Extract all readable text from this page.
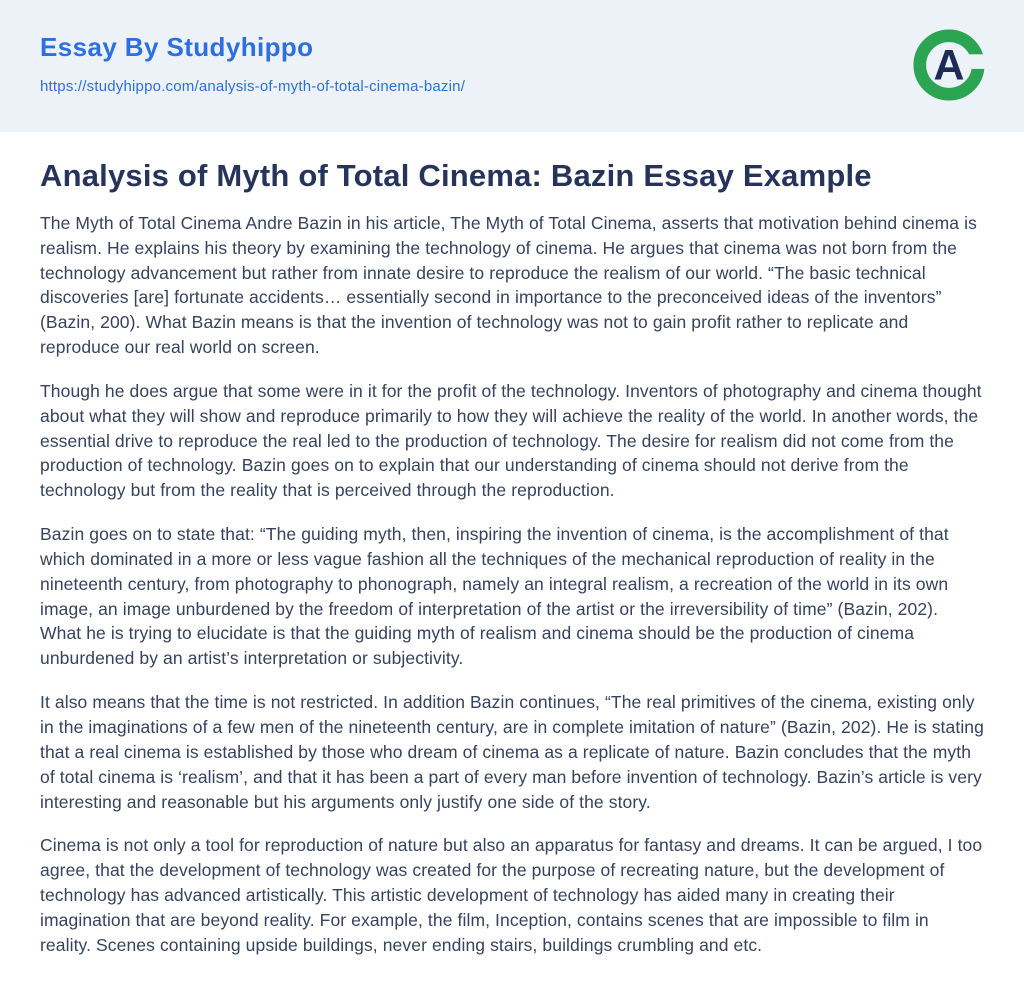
Essay By Studyhippo
https://studyhippo.com/analysis-of-myth-of-total-cinema-bazin/	A
Analysis of Myth of Total Cinema: Bazin Essay Example

The Myth of Total Cinema Andre Bazin in his article, The Myth of Total Cinema, asserts that motivation behind cinema is realism. He explains his theory by examining the technology of cinema. He argues that cinema was not born from the technology advancement but rather from innate desire to reproduce the realism of our world. “The basic technical discoveries [are] fortunate accidents… essentially second in importance to the preconceived ideas of the inventors” (Bazin, 200). What Bazin means is that the invention of technology was not to gain profit rather to replicate and reproduce our real world on screen.

Though he does argue that some were in it for the profit of the technology. Inventors of photography and cinema thought about what they will show and reproduce primarily to how they will achieve the reality of the world. In another words, the essential drive to reproduce the real led to the production of technology. The desire for realism did not come from the production of technology. Bazin goes on to explain that our understanding of cinema should not derive from the technology but from the reality that is perceived through the reproduction.

Bazin goes on to state that: “The guiding myth, then, inspiring the invention of cinema, is the accomplishment of that which dominated in a more or less vague fashion all the techniques of the mechanical reproduction of reality in the nineteenth century, from photography to phonograph, namely an integral realism, a recreation of the world in its own image, an image unburdened by the freedom of interpretation of the artist or the irreversibility of time” (Bazin, 202). What he is trying to elucidate is that the guiding myth of realism and cinema should be the production of cinema unburdened by an artist’s interpretation or subjectivity.

It also means that the time is not restricted. In addition Bazin continues, “The real primitives of the cinema, existing only in the imaginations of a few men of the nineteenth century, are in complete imitation of nature” (Bazin, 202). He is stating that a real cinema is established by those who dream of cinema as a replicate of nature. Bazin concludes that the myth of total cinema is ‘realism’, and that it has been a part of every man before invention of technology. Bazin’s article is very interesting and reasonable but his arguments only justify one side of the story.

Cinema is not only a tool for reproduction of nature but also an apparatus for fantasy and dreams. It can be argued, I too agree, that the development of technology was created for the purpose of recreating nature, but the development of technology has advanced artistically. This artistic development of technology has aided many in creating their imagination that are beyond reality. For example, the film, Inception, contains scenes that are impossible to film in reality. Scenes containing upside buildings, never ending stairs, buildings crumbling and etc.
